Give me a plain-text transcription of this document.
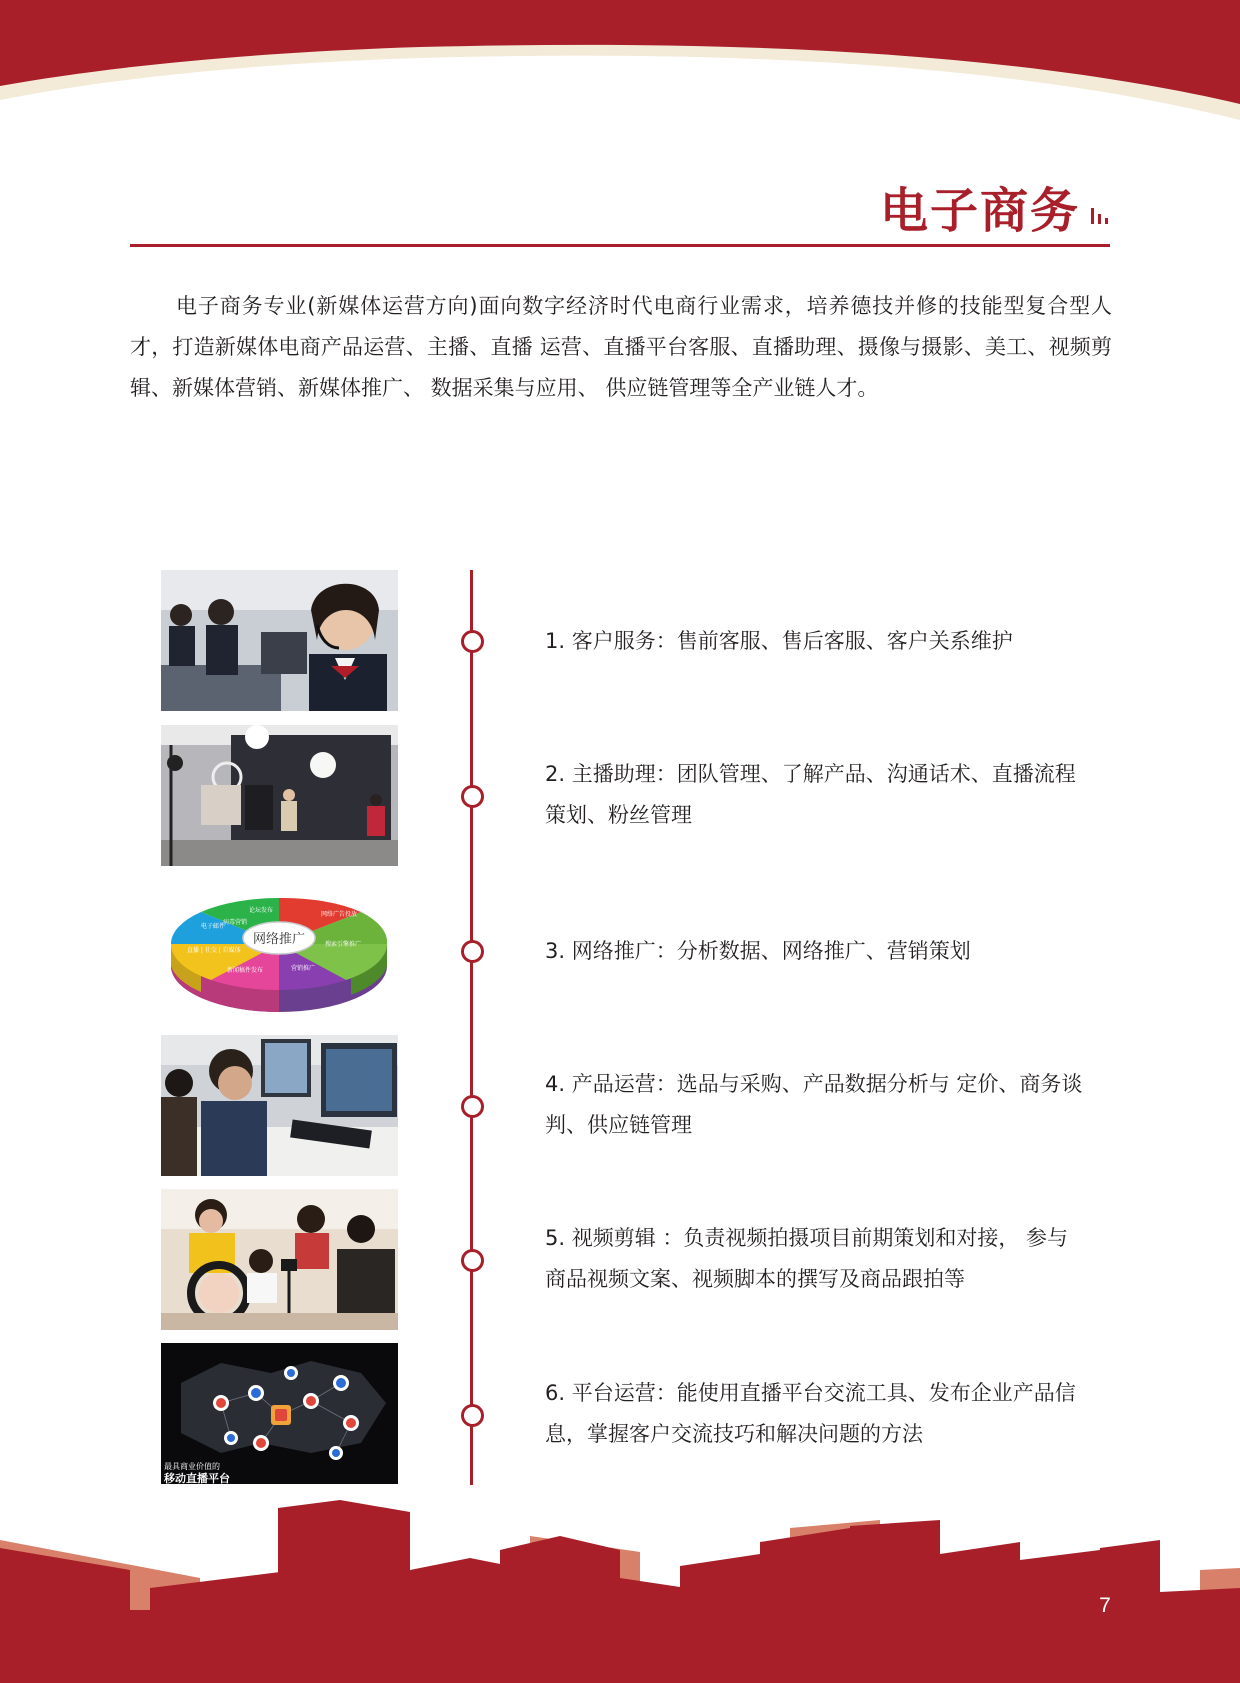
电子商务
电子商务专业(新媒体运营方向)面向数字经济时代电商行业需求，培养德技并修的技能型复合型人才，打造新媒体电商产品运营、主播、直播 运营、直播平台客服、直播助理、摄像与摄影、美工、视频剪辑、新媒体营销、新媒体推广、 数据采集与应用、 供应链管理等全产业链人才。
1. 客户服务：售前客服、售后客服、客户关系维护
2. 主播助理：团队管理、了解产品、沟通话术、直播流程策划、粉丝管理
网络推广
电子邮件
病毒营销
论坛发布
网络广告投放
搜索引擎推广
营销推广
直播 | 社交 | 自媒体
新闻稿件发布
3. 网络推广：分析数据、网络推广、营销策划
4. 产品运营：选品与采购、产品数据分析与 定价、商务谈判、供应链管理
5. 视频剪辑 ：负责视频拍摄项目前期策划和对接， 参与商品视频文案、视频脚本的撰写及商品跟拍等
最具商业价值的
移动直播平台
6. 平台运营：能使用直播平台交流工具、发布企业产品信息，掌握客户交流技巧和解决问题的方法
7
